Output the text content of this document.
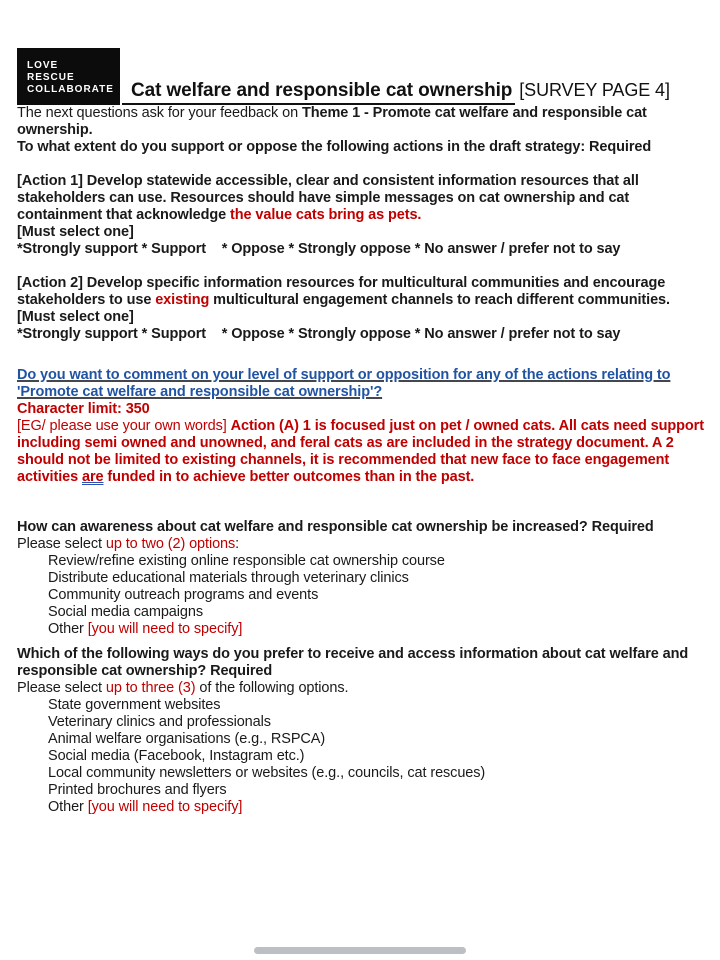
LOVE
RESCUE
COLLABORATE Cat welfare and responsible cat ownership [SURVEY PAGE 4]

The next questions ask for your feedback on Theme 1 - Promote cat welfare and responsible cat ownership.

To what extent do you support or oppose the following actions in the draft strategy: Required

[Action 1] Develop statewide accessible, clear and consistent information resources that all stakeholders can use. Resources should have simple messages on cat ownership and cat containment that acknowledge the value cats bring as pets.

[Must select one]

*Strongly support * Support    * Oppose * Strongly oppose * No answer / prefer not to say

[Action 2] Develop specific information resources for multicultural communities and encourage stakeholders to use existing multicultural engagement channels to reach different communities.

[Must select one]

*Strongly support * Support    * Oppose * Strongly oppose * No answer / prefer not to say

Do you want to comment on your level of support or opposition for any of the actions relating to 'Promote cat welfare and responsible cat ownership'?

Character limit: 350

[EG/ please use your own words] Action (A) 1 is focused just on pet / owned cats. All cats need support including semi owned and unowned, and feral cats as are included in the strategy document. A 2 should not be limited to existing channels, it is recommended that new face to face engagement activities are funded in to achieve better outcomes than in the past.

How can awareness about cat welfare and responsible cat ownership be increased? Required

Please select up to two (2) options:

Review/refine existing online responsible cat ownership course
Distribute educational materials through veterinary clinics
Community outreach programs and events
Social media campaigns
Other [you will need to specify]

Which of the following ways do you prefer to receive and access information about cat welfare and responsible cat ownership? Required

Please select up to three (3) of the following options.

State government websites
Veterinary clinics and professionals
Animal welfare organisations (e.g., RSPCA)
Social media (Facebook, Instagram etc.)
Local community newsletters or websites (e.g., councils, cat rescues)
Printed brochures and flyers
Other [you will need to specify]
